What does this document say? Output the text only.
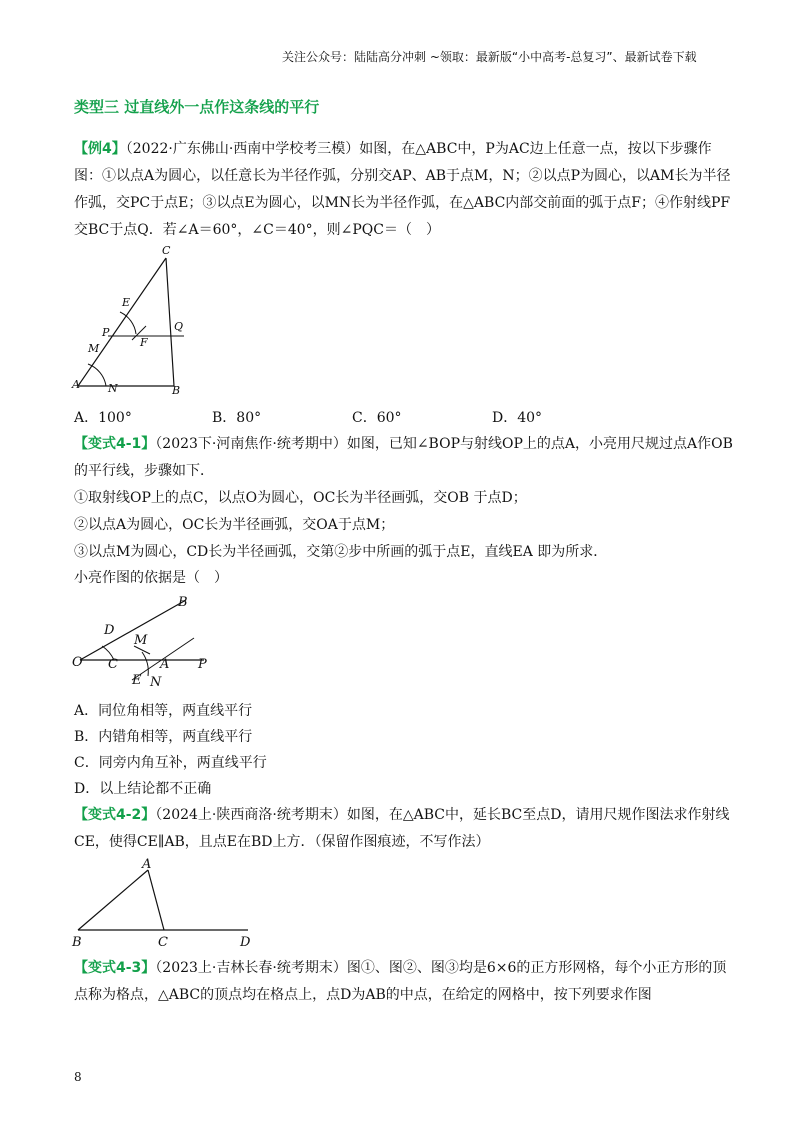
关注公众号：陆陆高分冲刺 ~领取：最新版“小中高考-总复习”、最新试卷下载
类型三 过直线外一点作这条线的平行
【例4】（2022·广东佛山·西南中学校考三模）如图，在△ABC中，P为AC边上任意一点，按以下步骤作图：①以点A为圆心，以任意长为半径作弧，分别交AP、AB于点M，N；②以点P为圆心，以AM长为半径作弧，交PC于点E；③以点E为圆心，以MN长为半径作弧，在△ABC内部交前面的弧于点F；④作射线PF交BC于点Q．若∠A＝60°，∠C＝40°，则∠PQC＝（　）
C
E
P	Q
F
M
A	N	B
A．100°	B．80°	C．60°	D．40°
【变式4-1】（2023下·河南焦作·统考期中）如图，已知∠BOP与射线OP上的点A，小亮用尺规过点A作OB 的平行线，步骤如下．
①取射线OP上的点C，以点O为圆心，OC长为半径画弧，交OB 于点D；
②以点A为圆心，OC长为半径画弧，交OA于点M；
③以点M为圆心，CD长为半径画弧，交第②步中所画的弧于点E，直线EA 即为所求．
小亮作图的依据是（　）
B
D
M
O C	A P
E N
A．同位角相等，两直线平行
B．内错角相等，两直线平行
C．同旁内角互补，两直线平行
D．以上结论都不正确
【变式4-2】（2024上·陕西商洛·统考期末）如图，在△ABC中，延长BC至点D，请用尺规作图法求作射线CE，使得CE∥AB，且点E在BD上方．（保留作图痕迹，不写作法）
A
B	C	D
【变式4-3】（2023上·吉林长春·统考期末）图①、图②、图③均是6×6的正方形网格，每个小正方形的顶点称为格点，△ABC的顶点均在格点上，点D为AB的中点，在给定的网格中，按下列要求作图
8
